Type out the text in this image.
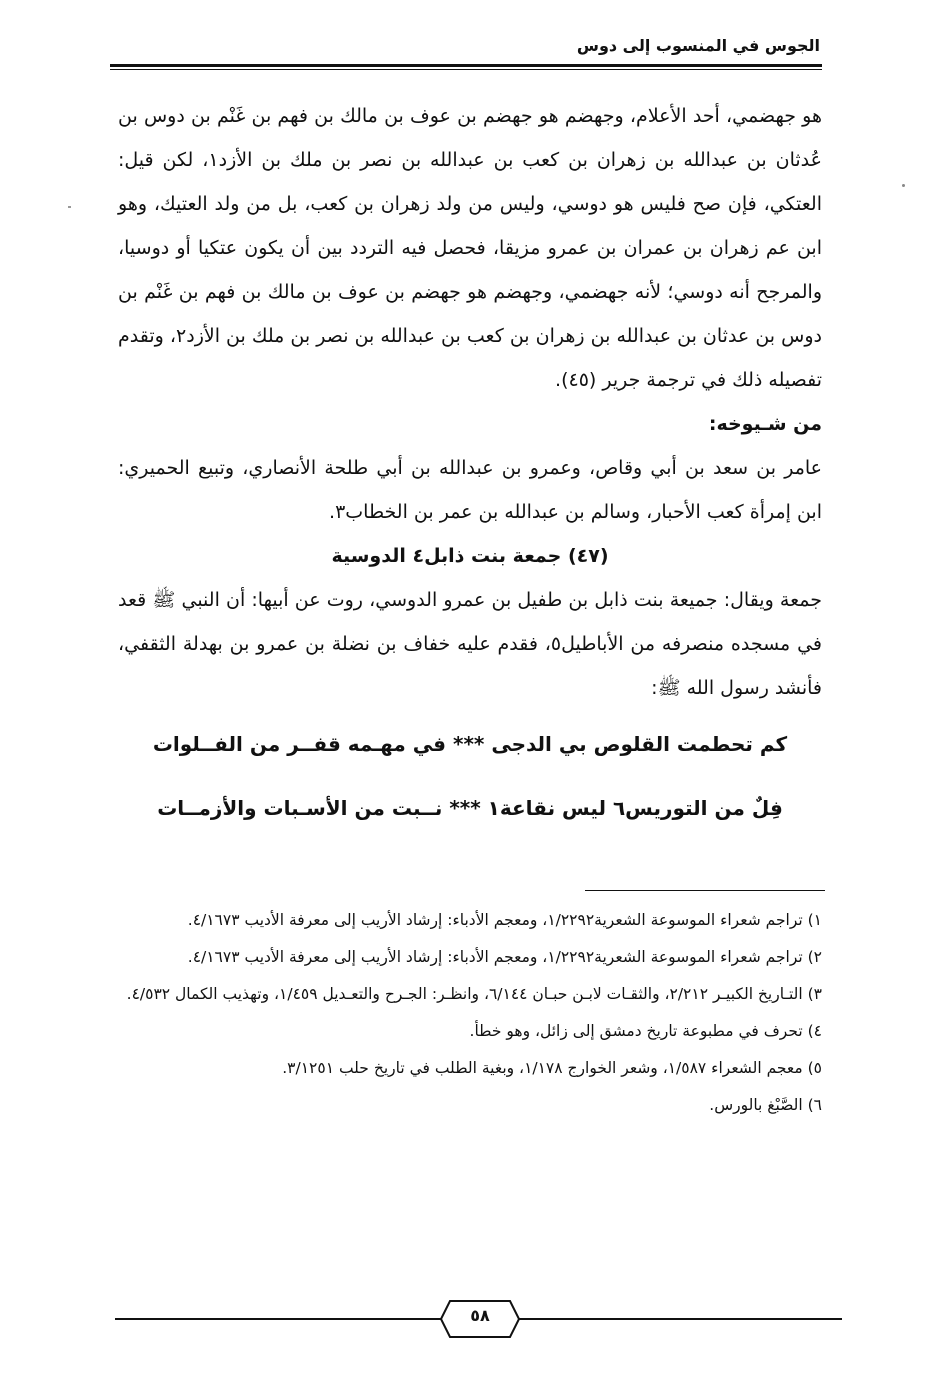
الجوس في المنسوب إلى دوس

هو جهضمي، أحد الأعلام، وجهضم هو جهضم بن عوف بن مالك بن فهم بن غَنْم بن دوس بن عُدثان بن عبدالله بن زهران بن كعب بن عبدالله بن نصر بن ملك بن الأزد١، لكن قيل: العتكي، فإن صح فليس هو دوسي، وليس من ولد زهران بن كعب، بل من ولد العتيك، وهو ابن عم زهران بن عمران بن عمرو مزيقا، فحصل فيه التردد بين أن يكون عتكيا أو دوسيا، والمرجح أنه دوسي؛ لأنه جهضمي، وجهضم هو جهضم بن عوف بن مالك بن فهم بن غَنْم بن دوس بن عدثان بن عبدالله بن زهران بن كعب بن عبدالله بن نصر بن ملك بن الأزد٢، وتقدم تفصيله ذلك في ترجمة جرير (٤٥).

من شـيوخه:

عامر بن سعد بن أبي وقاص، وعمرو بن عبدالله بن أبي طلحة الأنصاري، وتبيع الحميري: ابن إمرأة كعب الأحبار، وسالم بن عبدالله بن عمر بن الخطاب٣.

(٤٧) جمعة بنت ذابل٤ الدوسية

جمعة ويقال: جميعة بنت ذابل بن طفيل بن عمرو الدوسي، روت عن أبيها: أن النبي ﷺ قعد في مسجده منصرفه من الأباطيل٥، فقدم عليه خفاف بن نضلة بن عمرو بن بهدلة الثقفي، فأنشد رسول الله ﷺ:

كم تحطمت القلوص بي الدجى *** في مهـمه قفــر من الفــلوات

فِلٌ من التوريس٦ ليس نقاعة١ *** نــبت من الأسـبات والأزمــات

١) تراجم شعراء الموسوعة الشعرية١/٢٢٩٢، ومعجم الأدباء: إرشاد الأريب إلى معرفة الأديب ٤/١٦٧٣.

٢) تراجم شعراء الموسوعة الشعرية١/٢٢٩٢، ومعجم الأدباء: إرشاد الأريب إلى معرفة الأديب ٤/١٦٧٣.

٣) التـاريخ الكبيـر ٢/٢١٢، والثقـات لابـن حبـان ٦/١٤٤، وانظـر: الجـرح والتعـديل ١/٤٥٩، وتهذيب الكمال ٤/٥٣٢.

٤) تحرف في مطبوعة تاريخ دمشق إلى زائل، وهو خطأ.

٥) معجم الشعراء ١/٥٨٧، وشعر الخوارج ١/١٧٨، وبغية الطلب في تاريخ حلب ٣/١٢٥١.

٦) الصَّبْغ بالورس.

٥٨
